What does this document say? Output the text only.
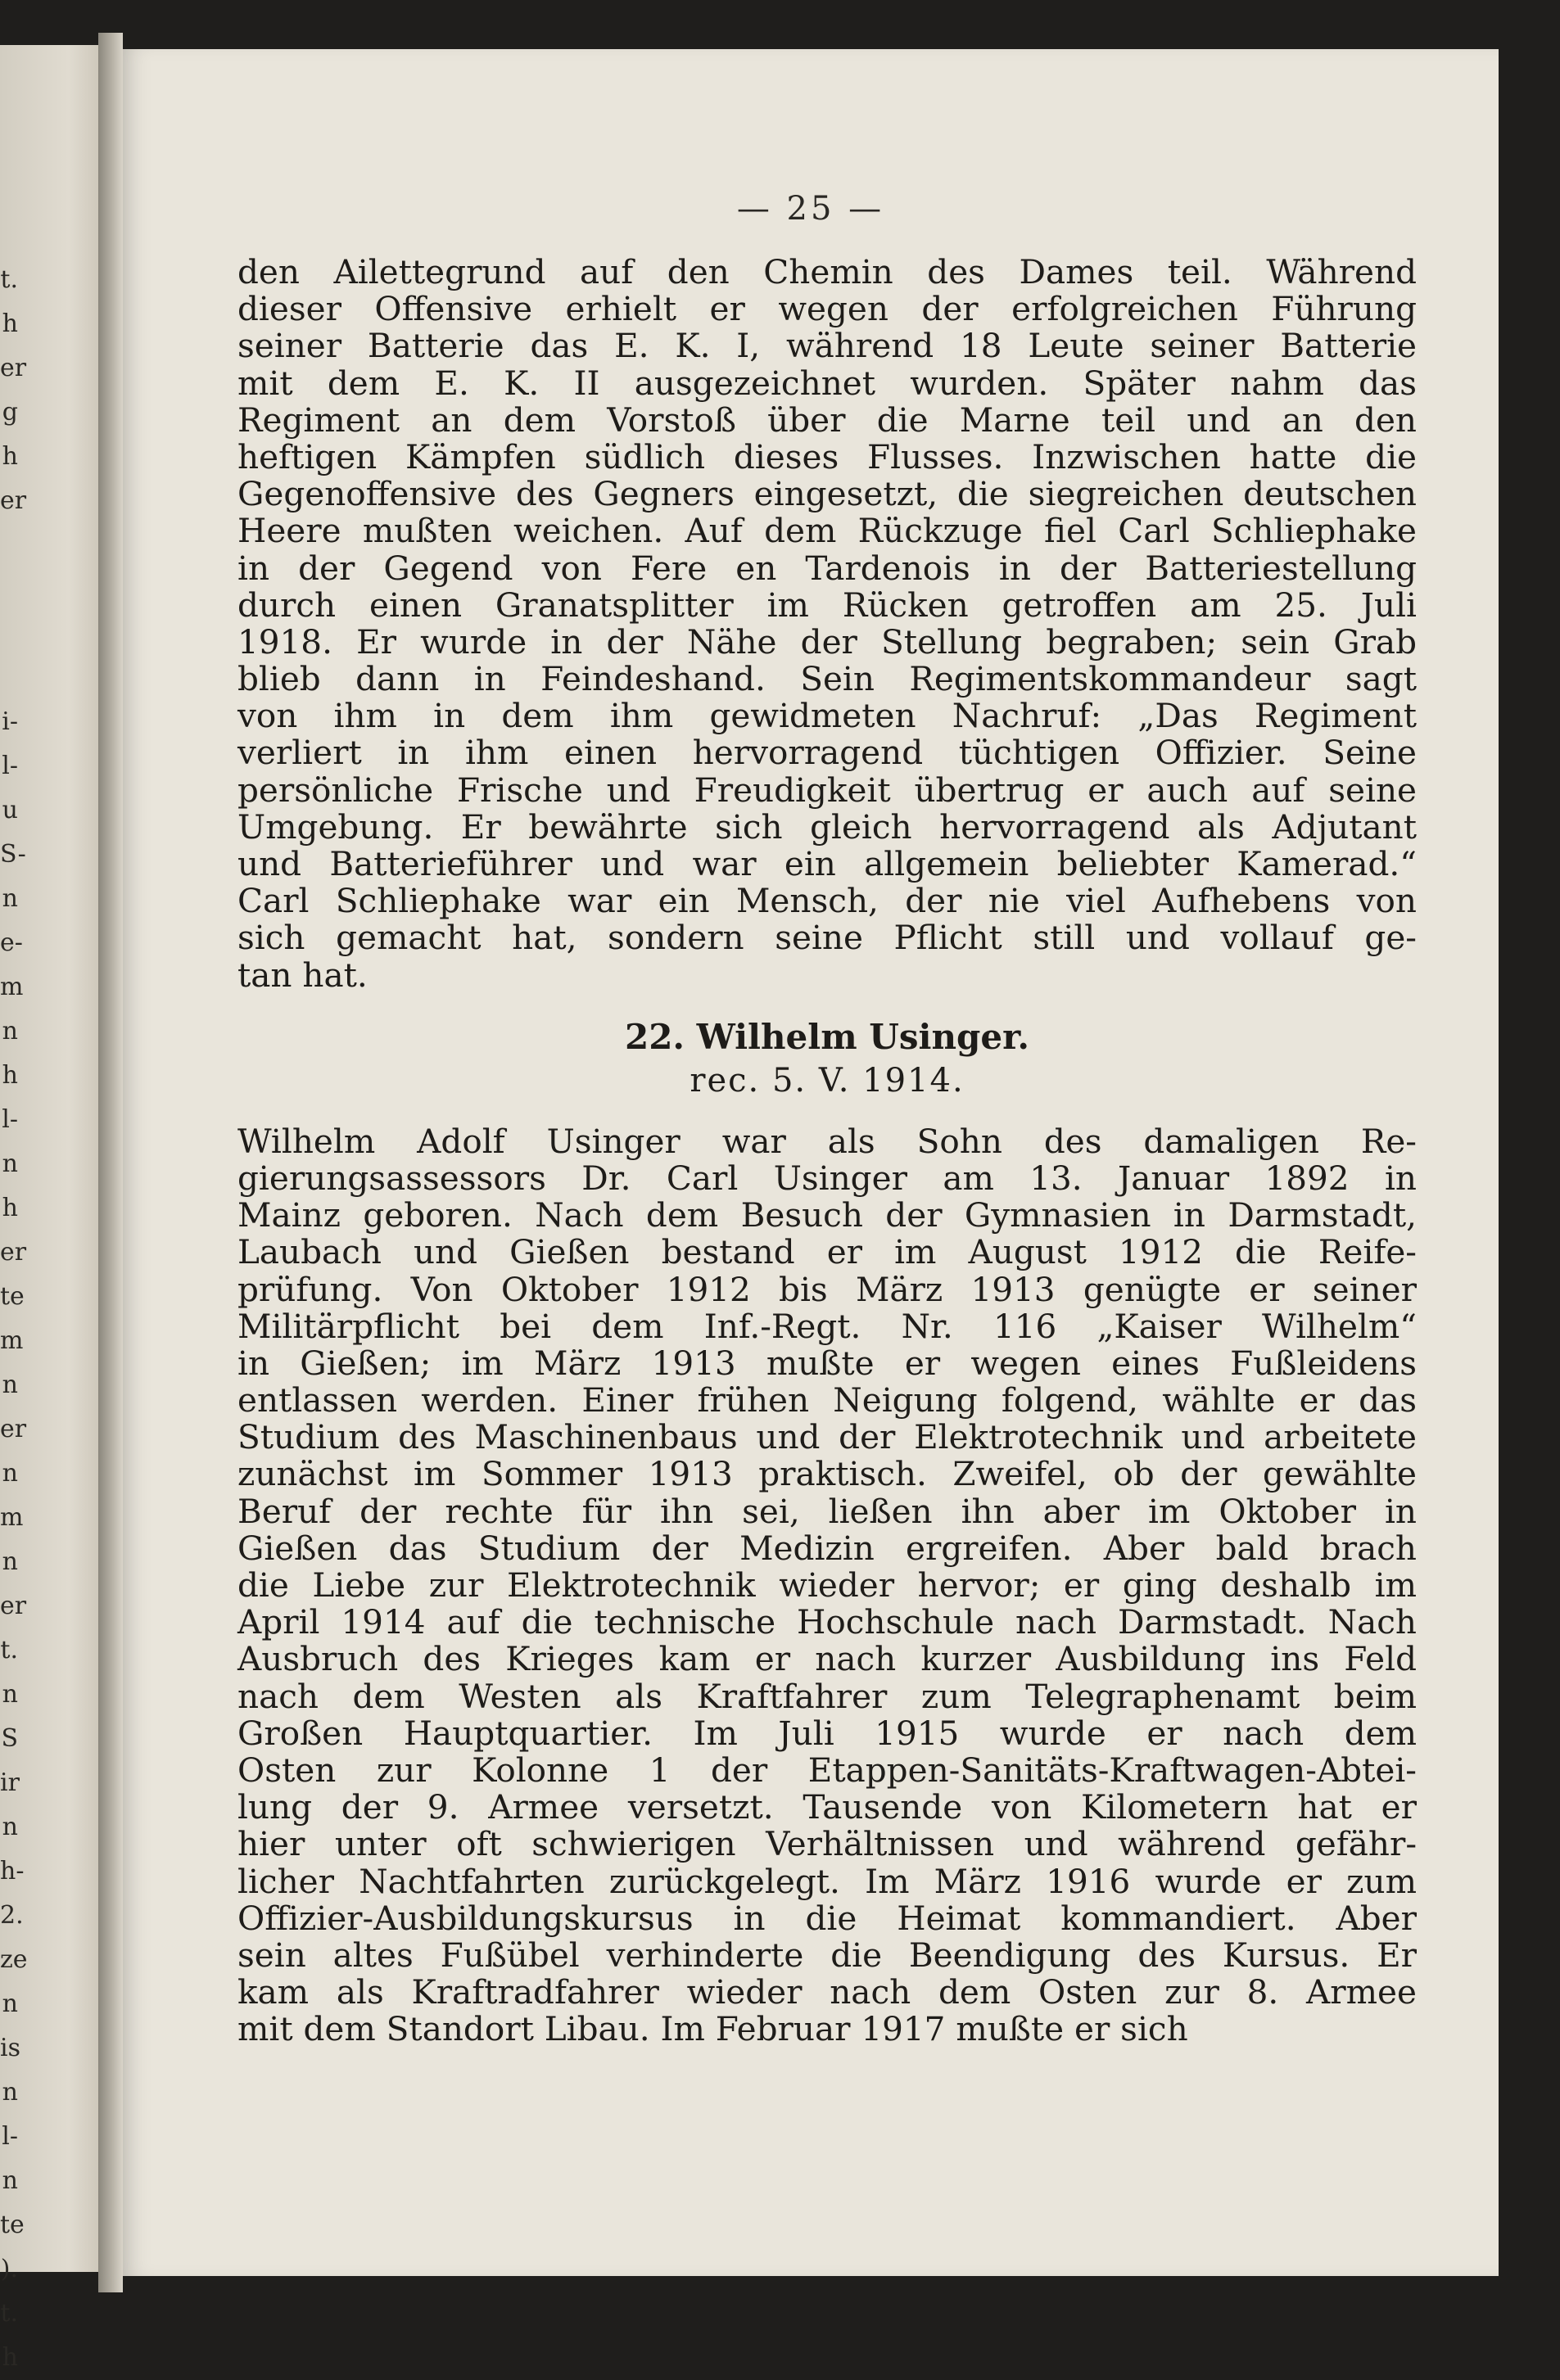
t.
h
er
g
h
er

i-
l-
u
S-
n
e-
m
n
h
l-
n
h
er
te
m
n
er
n
m
n
er
t.
n
S
ir
n
h-
2.
ze
n
is
n
l-
n
te
).
t.
h
— 25 —
den Ailettegrund auf den Chemin des Dames teil. Während
dieser Offensive erhielt er wegen der erfolgreichen Führung
seiner Batterie das E. K. I, während 18 Leute seiner Batterie
mit dem E. K. II ausgezeichnet wurden. Später nahm das
Regiment an dem Vorstoß über die Marne teil und an den
heftigen Kämpfen südlich dieses Flusses. Inzwischen hatte die
Gegenoffensive des Gegners eingesetzt, die siegreichen deutschen
Heere mußten weichen. Auf dem Rückzuge fiel Carl Schliephake
in der Gegend von Fere en Tardenois in der Batteriestellung
durch einen Granatsplitter im Rücken getroffen am 25. Juli
1918. Er wurde in der Nähe der Stellung begraben; sein Grab
blieb dann in Feindeshand. Sein Regimentskommandeur sagt
von ihm in dem ihm gewidmeten Nachruf: „Das Regiment
verliert in ihm einen hervorragend tüchtigen Offizier. Seine
persönliche Frische und Freudigkeit übertrug er auch auf seine
Umgebung. Er bewährte sich gleich hervorragend als Adjutant
und Batterieführer und war ein allgemein beliebter Kamerad.“
Carl Schliephake war ein Mensch, der nie viel Aufhebens von
sich gemacht hat, sondern seine Pflicht still und vollauf ge-
tan hat.
22. Wilhelm Usinger.
rec. 5. V. 1914.
Wilhelm Adolf Usinger war als Sohn des damaligen Re-
gierungsassessors Dr. Carl Usinger am 13. Januar 1892 in
Mainz geboren. Nach dem Besuch der Gymnasien in Darmstadt,
Laubach und Gießen bestand er im August 1912 die Reife-
prüfung. Von Oktober 1912 bis März 1913 genügte er seiner
Militärpflicht bei dem Inf.-Regt. Nr. 116 „Kaiser Wilhelm“
in Gießen; im März 1913 mußte er wegen eines Fußleidens
entlassen werden. Einer frühen Neigung folgend, wählte er das
Studium des Maschinenbaus und der Elektrotechnik und arbeitete
zunächst im Sommer 1913 praktisch. Zweifel, ob der gewählte
Beruf der rechte für ihn sei, ließen ihn aber im Oktober in
Gießen das Studium der Medizin ergreifen. Aber bald brach
die Liebe zur Elektrotechnik wieder hervor; er ging deshalb im
April 1914 auf die technische Hochschule nach Darmstadt. Nach
Ausbruch des Krieges kam er nach kurzer Ausbildung ins Feld
nach dem Westen als Kraftfahrer zum Telegraphenamt beim
Großen Hauptquartier. Im Juli 1915 wurde er nach dem
Osten zur Kolonne 1 der Etappen-Sanitäts-Kraftwagen-Abtei-
lung der 9. Armee versetzt. Tausende von Kilometern hat er
hier unter oft schwierigen Verhältnissen und während gefähr-
licher Nachtfahrten zurückgelegt. Im März 1916 wurde er zum
Offizier-Ausbildungskursus in die Heimat kommandiert. Aber
sein altes Fußübel verhinderte die Beendigung des Kursus. Er
kam als Kraftradfahrer wieder nach dem Osten zur 8. Armee
mit dem Standort Libau. Im Februar 1917 mußte er sich
